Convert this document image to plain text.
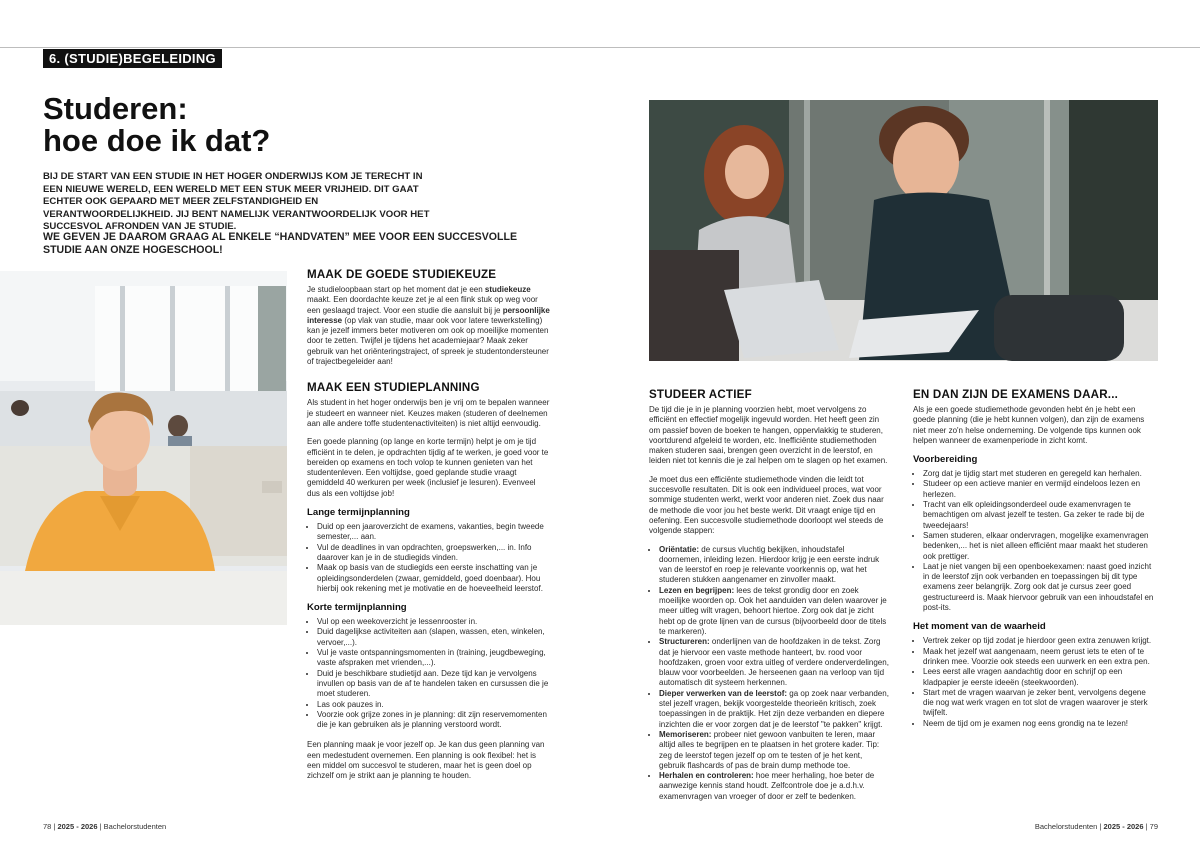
6. (STUDIE)BEGELEIDING
Studeren:
hoe doe ik dat?
BIJ DE START VAN EEN STUDIE IN HET HOGER ONDERWIJS KOM JE TERECHT IN EEN NIEUWE WERELD, EEN WERELD MET EEN STUK MEER VRIJHEID. DIT GAAT ECHTER OOK GEPAARD MET MEER ZELFSTANDIGHEID EN VERANTWOORDELIJKHEID. JIJ BENT NAMELIJK VERANTWOORDELIJK VOOR HET SUCCESVOL AFRONDEN VAN JE STUDIE.
WE GEVEN JE DAAROM GRAAG AL ENKELE “HANDVATEN” MEE VOOR EEN SUCCESVOLLE STUDIE AAN ONZE HOGESCHOOL!
MAAK DE GOEDE STUDIEKEUZE

Je studieloopbaan start op het moment dat je een studiekeuze maakt. Een doordachte keuze zet je al een flink stuk op weg voor een geslaagd traject. Voor een studie die aansluit bij je persoonlijke interesse (op vlak van studie, maar ook voor latere tewerkstelling) kan je jezelf immers beter motiveren om ook op moeilijke momenten door te zetten. Twijfel je tijdens het academiejaar? Maak zeker gebruik van het oriënteringstraject, of spreek je studentondersteuner of trajectbegeleider aan!

MAAK EEN STUDIEPLANNING

Als student in het hoger onderwijs ben je vrij om te bepalen wanneer je studeert en wanneer niet. Keuzes maken (studeren of deelnemen aan alle andere toffe studentenactiviteiten) is niet altijd eenvoudig.

Een goede planning (op lange en korte termijn) helpt je om je tijd efficiënt in te delen, je opdrachten tijdig af te werken, je goed voor te bereiden op examens en toch volop te kunnen genieten van het studentenleven. Een voltijdse, goed geplande studie vraagt gemiddeld 40 werkuren per week (inclusief je lesuren). Evenveel dus als een voltijdse job!

Lange termijnplanning
• Duid op een jaaroverzicht de examens, vakanties, begin tweede semester,... aan.
• Vul de deadlines in van opdrachten, groepswerken,... in. Info daarover kan je in de studiegids vinden.
• Maak op basis van de studiegids een eerste inschatting van je opleidingsonderdelen (zwaar, gemiddeld, goed doenbaar). Hou hierbij ook rekening met je motivatie en de hoeveelheid leerstof.
Korte termijnplanning
• Vul op een weekoverzicht je lessenrooster in.
• Duid dagelijkse activiteiten aan (slapen, wassen, eten, winkelen, vervoer,...).
• Vul je vaste ontspanningsmomenten in (training, jeugdbeweging, vaste afspraken met vrienden,...).
• Duid je beschikbare studietijd aan. Deze tijd kan je vervolgens invullen op basis van de af te handelen taken en cursussen die je moet studeren.
• Las ook pauzes in.
• Voorzie ook grijze zones in je planning: dit zijn reservemomenten die je kan gebruiken als je planning verstoord wordt.

Een planning maak je voor jezelf op. Je kan dus geen planning van een medestudent overnemen. Een planning is ook flexibel: het is een middel om succesvol te studeren, maar het is geen doel op zichzelf om je strikt aan je planning te houden.

STUDEER ACTIEF

De tijd die je in je planning voorzien hebt, moet vervolgens zo efficiënt en effectief mogelijk ingevuld worden. Het heeft geen zin om passief boven de boeken te hangen, oppervlakkig te studeren, voortdurend afgeleid te worden, etc. Inefficiënte studiemethoden maken studeren saai, brengen geen overzicht in de leerstof, en leiden niet tot kennis die je zal helpen om te slagen op het examen.

Je moet dus een efficiënte studiemethode vinden die leidt tot succesvolle resultaten. Dit is ook een individueel proces, wat voor sommige studenten werkt, werkt voor anderen niet. Zoek dus naar de methode die voor jou het beste werkt. Dit vraagt enige tijd en oefening. Een succesvolle studiemethode doorloopt wel steeds de volgende stappen:

• Oriëntatie: de cursus vluchtig bekijken, inhoudstafel doornemen, inleiding lezen. Hierdoor krijg je een eerste indruk van de leerstof en roep je relevante voorkennis op, wat het studeren stukken aangenamer en zinvoller maakt.
• Lezen en begrijpen: lees de tekst grondig door en zoek moeilijke woorden op. Ook het aanduiden van delen waarover je meer uitleg wilt vragen, behoort hiertoe. Zorg ook dat je zicht hebt op de grote lijnen van de cursus (bijvoorbeeld door de titels te markeren).
• Structureren: onderlijnen van de hoofdzaken in de tekst. Zorg dat je hiervoor een vaste methode hanteert, bv. rood voor hoofdzaken, groen voor extra uitleg of verdere onderverdelingen, blauw voor voorbeelden. Je herseenen gaan na verloop van tijd automatisch dit systeem herkennen.
• Dieper verwerken van de leerstof: ga op zoek naar verbanden, stel jezelf vragen, bekijk voorgestelde theorieën kritisch, zoek toepassingen in de praktijk. Het zijn deze verbanden en diepere inzichten die er voor zorgen dat je de leerstof "te pakken" krijgt.
• Memoriseren: probeer niet gewoon vanbuiten te leren, maar altijd alles te begrijpen en te plaatsen in het grotere kader. Tip: zeg de leerstof tegen jezelf op om te testen of je het kent, gebruik flashcards of pas de brain dump methode toe.
• Herhalen en controleren: hoe meer herhaling, hoe beter de aanwezige kennis stand houdt. Zelfcontrole doe je a.d.h.v. examenvragen van vroeger of door er zelf te bedenken.
EN DAN ZIJN DE EXAMENS DAAR...

Als je een goede studiemethode gevonden hebt én je hebt een goede planning (die je hebt kunnen volgen), dan zijn de examens niet meer zo'n helse onderneming. De volgende tips kunnen ook helpen wanneer de examenperiode in zicht komt.

Voorbereiding
• Zorg dat je tijdig start met studeren en geregeld kan herhalen.
• Studeer op een actieve manier en vermijd eindeloos lezen en herlezen.
• Tracht van elk opleidingsonderdeel oude examenvragen te bemachtigen om alvast jezelf te testen. Ga zeker te rade bij de tweedejaars!
• Samen studeren, elkaar ondervragen, mogelijke examenvragen bedenken,... het is niet alleen efficiënt maar maakt het studeren ook prettiger.
• Laat je niet vangen bij een openboekexamen: naast goed inzicht in de leerstof zijn ook verbanden en toepassingen bij dit type examens zeer belangrijk. Zorg ook dat je cursus zeer goed gestructureerd is. Maak hiervoor gebruik van een inhoudstafel en post-its.
Het moment van de waarheid
• Vertrek zeker op tijd zodat je hierdoor geen extra zenuwen krijgt.
• Maak het jezelf wat aangenaam, neem gerust iets te eten of te drinken mee. Voorzie ook steeds een uurwerk en een extra pen.
• Lees eerst alle vragen aandachtig door en schrijf op een kladpapier je eerste ideeën (steekwoorden).
• Start met de vragen waarvan je zeker bent, vervolgens degene die nog wat werk vragen en tot slot de vragen waarover je sterk twijfelt.
• Neem de tijd om je examen nog eens grondig na te lezen!
78 | 2025 - 2026 | Bachelorstudenten	Bachelorstudenten | 2025 - 2026 | 79
